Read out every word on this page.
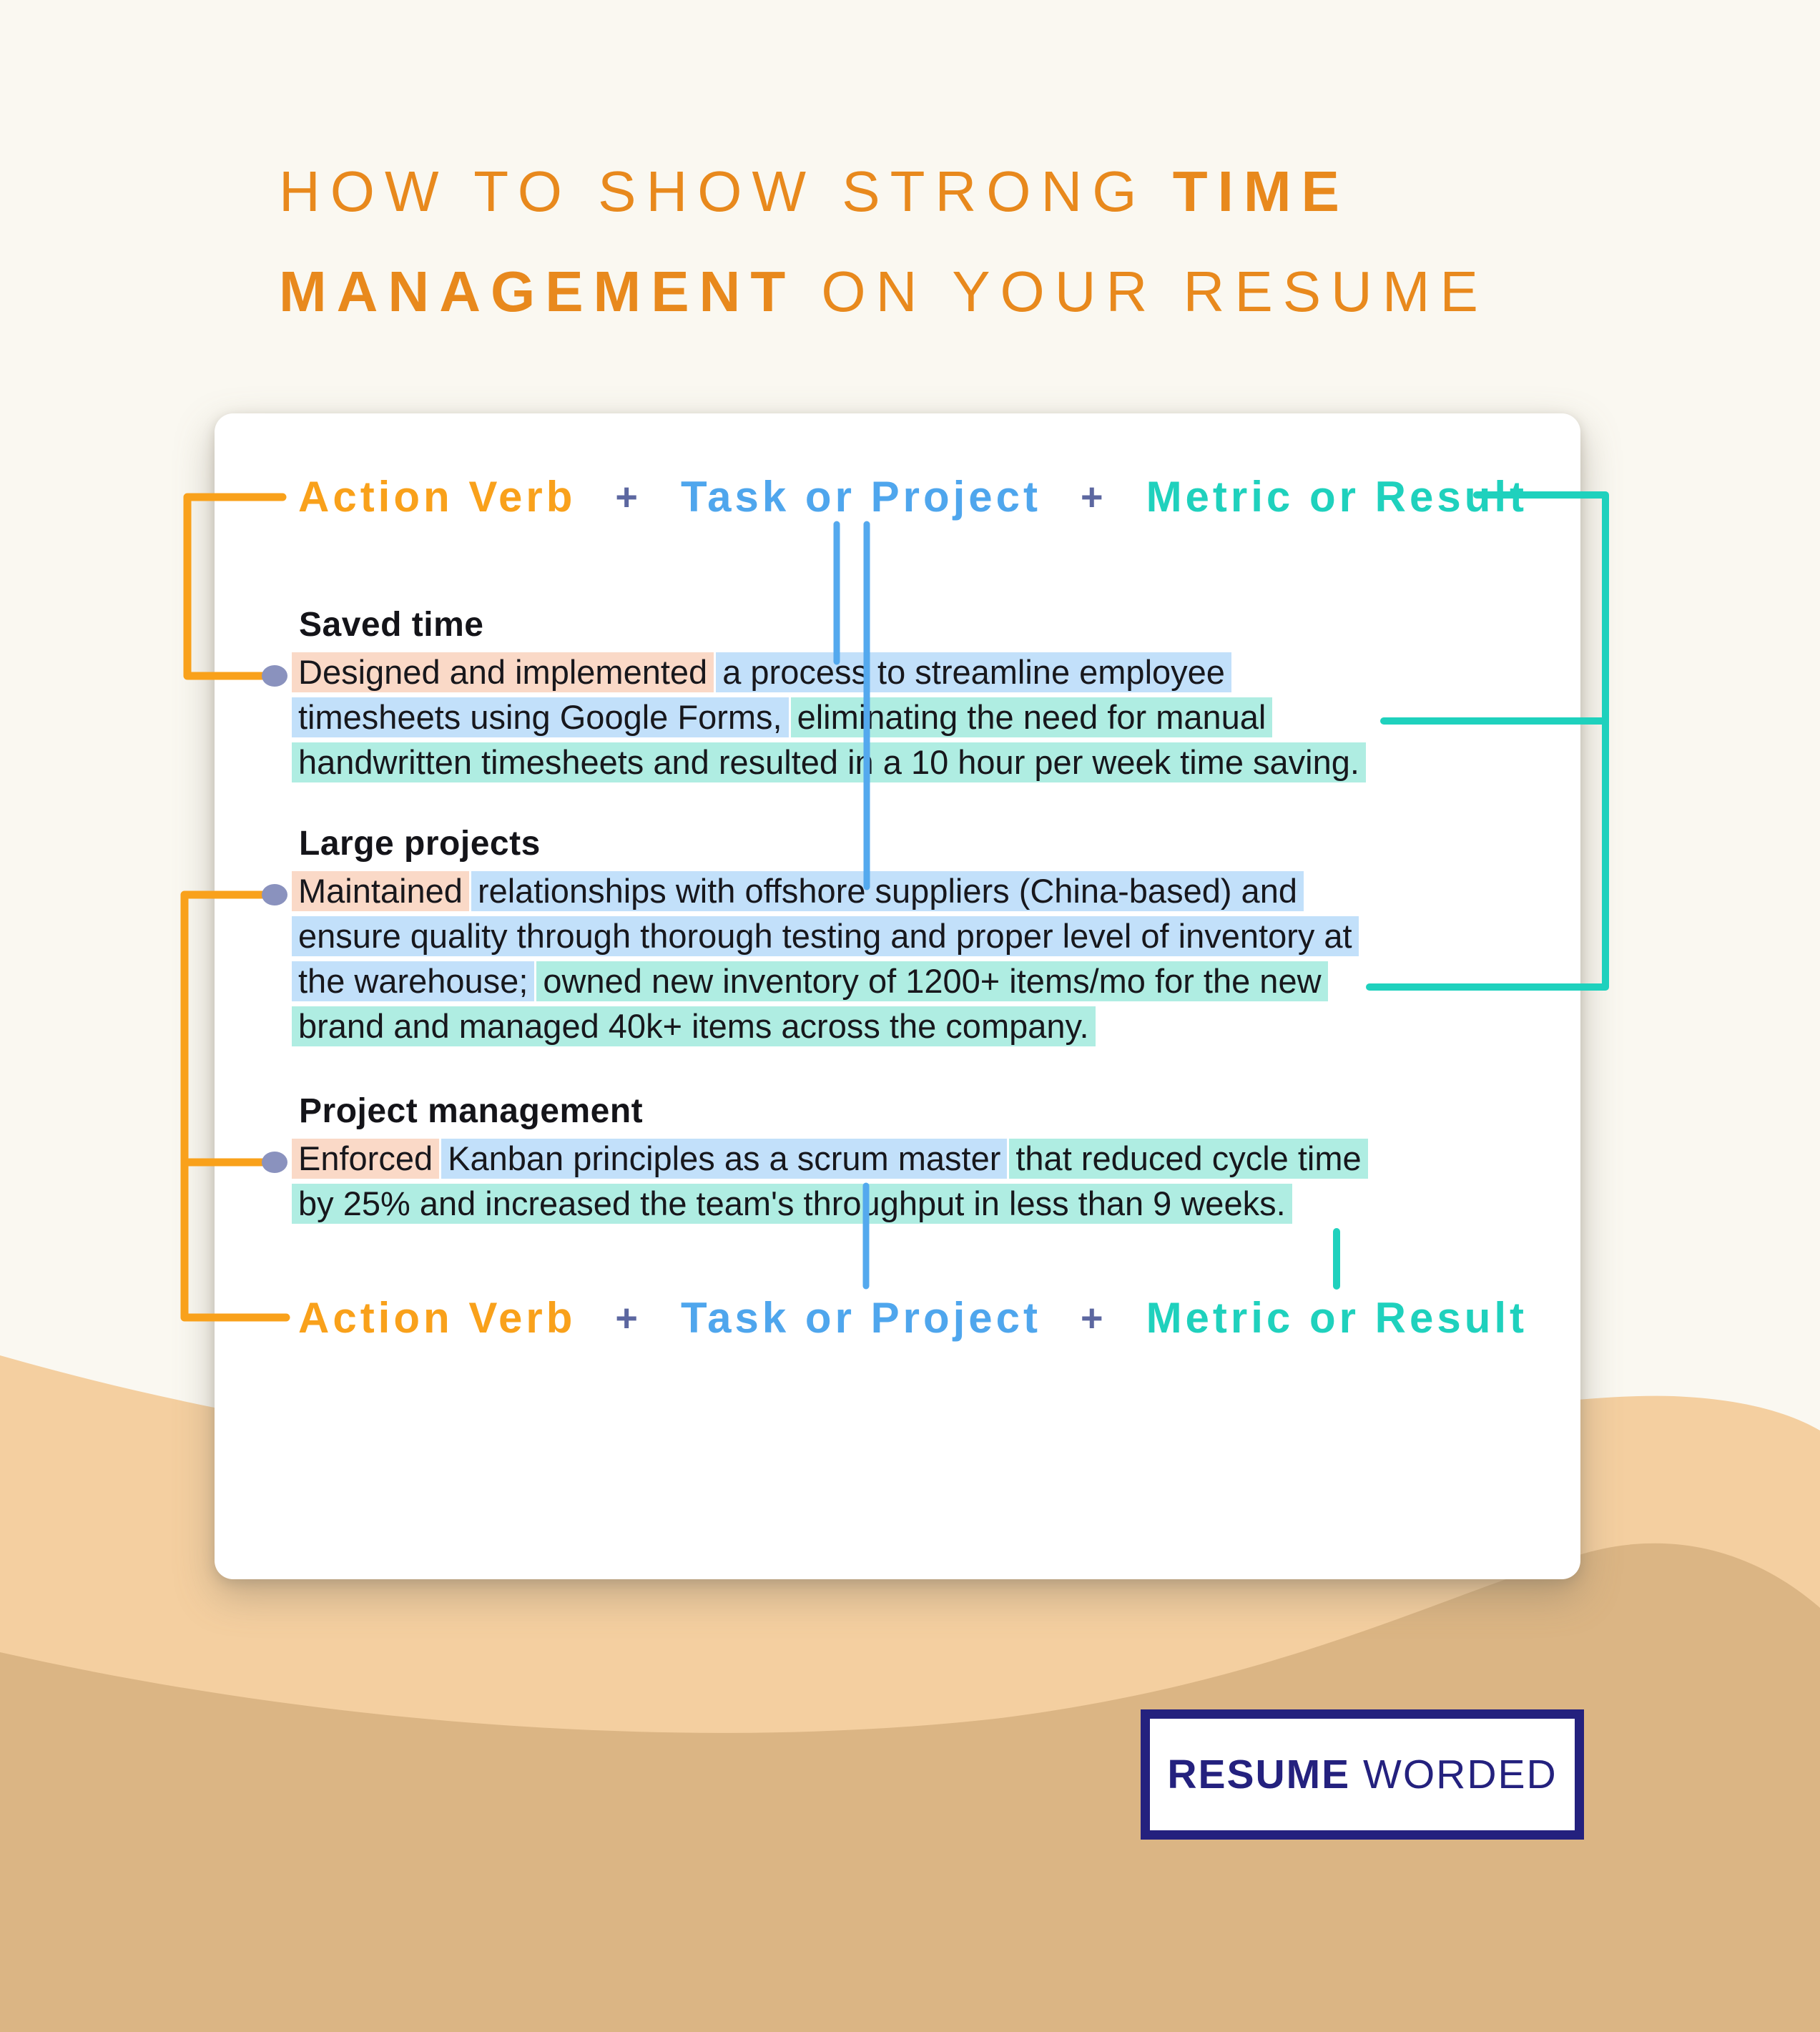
HOW TO SHOW STRONG TIME
MANAGEMENT ON YOUR RESUME
Action Verb + Task or Project + Metric or Result
Saved time
Designed and implemented a process to streamline employee
timesheets using Google Forms, eliminating the need for manual
handwritten timesheets and resulted in a 10 hour per week time saving.
Large projects
Maintained relationships with offshore suppliers (China-based) and
ensure quality through thorough testing and proper level of inventory at
the warehouse; owned new inventory of 1200+ items/mo for the new
brand and managed 40k+ items across the company.
Project management
Enforced Kanban principles as a scrum master that reduced cycle time
by 25% and increased the team's throughput in less than 9 weeks.
Action Verb + Task or Project + Metric or Result
RESUME WORDED
